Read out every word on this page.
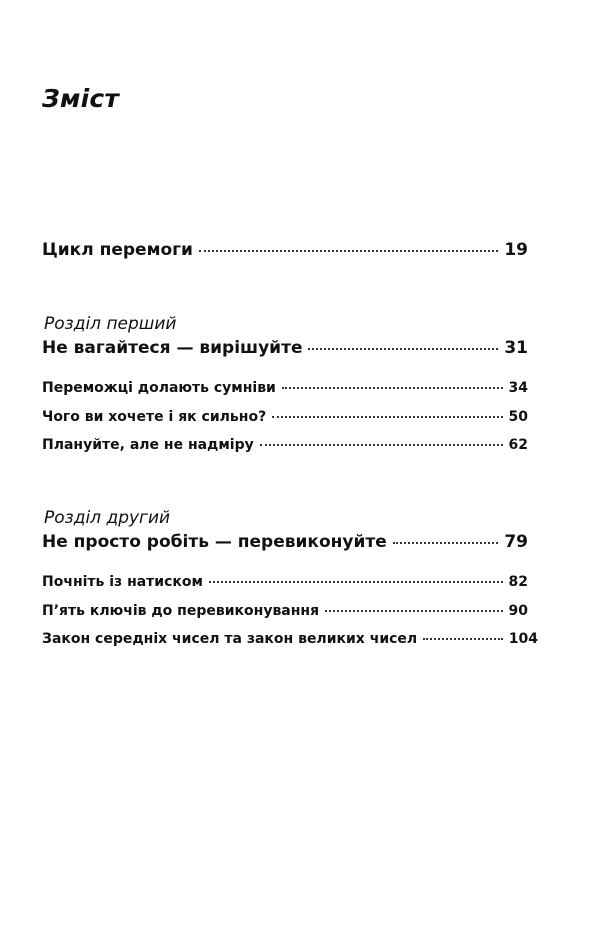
Зміст
Цикл перемоги	19
Розділ перший
Не вагайтеся — вирішуйте	31
Переможці долають сумніви	34
Чого ви хочете і як сильно?	50
Плануйте, але не надміру	62
Розділ другий
Не просто робіть — перевиконуйте	79
Почніть із натиском	82
П’ять ключів до перевиконування	90
Закон середніх чисел та закон великих чисел	104
